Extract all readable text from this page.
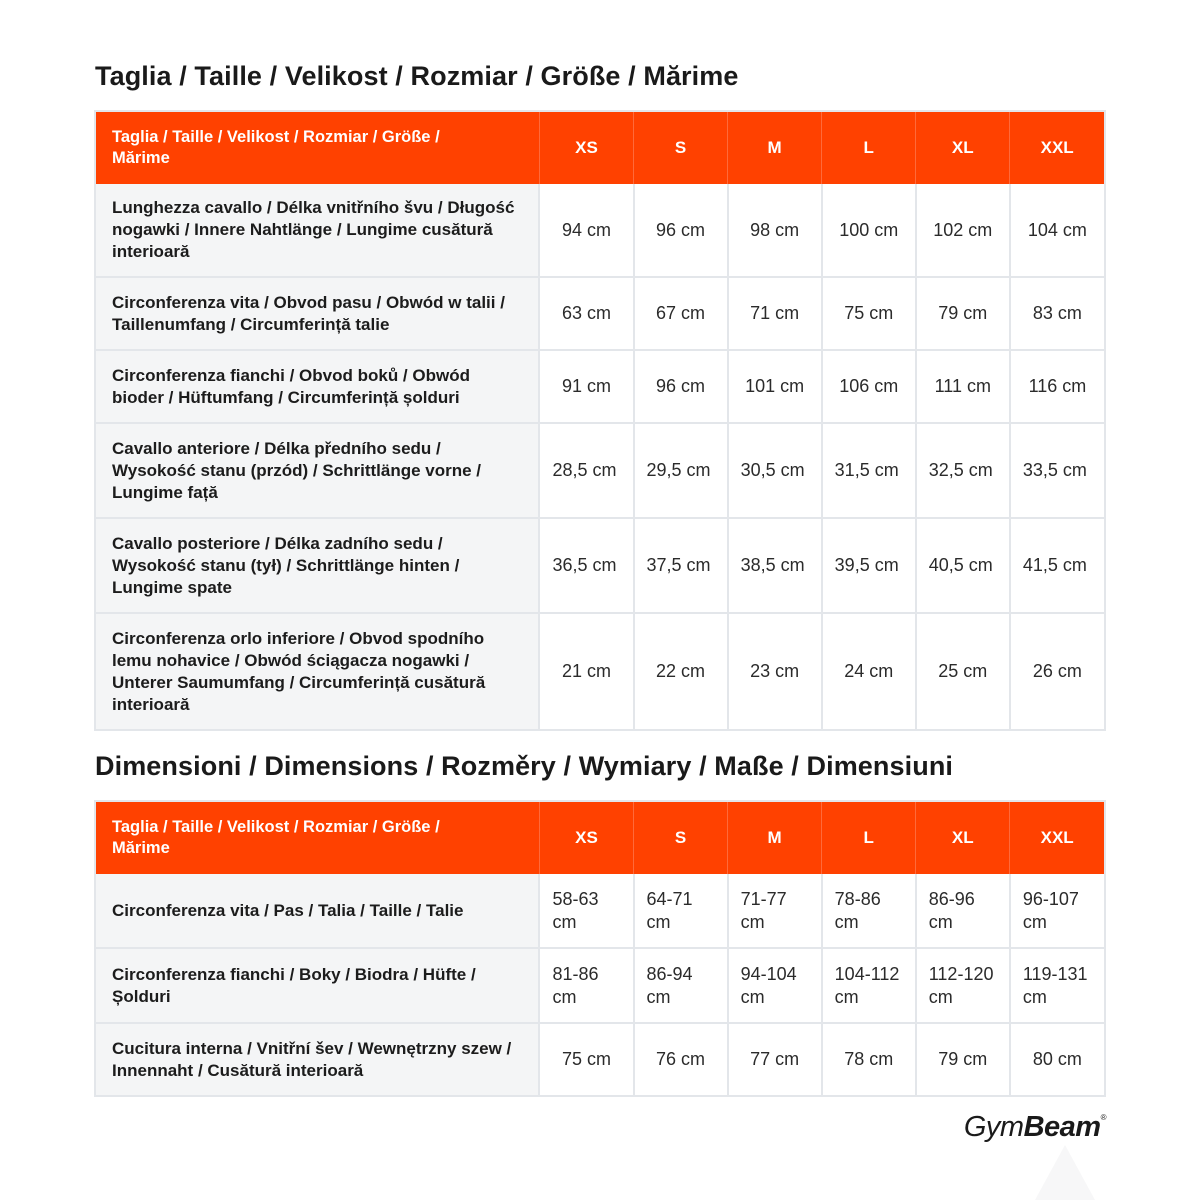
Taglia / Taille / Velikost / Rozmiar / Größe / Mărime
Taglia / Taille / Velikost / Rozmiar / Größe / Mărime	XS	S	M	L	XL	XXL
Lunghezza cavallo / Délka vnitřního švu / Długość nogawki / Innere Nahtlänge / Lungime cusătură interioară	94 cm	96 cm	98 cm	100 cm	102 cm	104 cm
Circonferenza vita / Obvod pasu / Obwód w talii / Taillenumfang / Circumferință talie	63 cm	67 cm	71 cm	75 cm	79 cm	83 cm
Circonferenza fianchi / Obvod boků / Obwód bioder / Hüftumfang / Circumferință șolduri	91 cm	96 cm	101 cm	106 cm	111 cm	116 cm
Cavallo anteriore / Délka předního sedu / Wysokość stanu (przód) / Schrittlänge vorne / Lungime față	28,5 cm	29,5 cm	30,5 cm	31,5 cm	32,5 cm	33,5 cm
Cavallo posteriore / Délka zadního sedu / Wysokość stanu (tył) / Schrittlänge hinten / Lungime spate	36,5 cm	37,5 cm	38,5 cm	39,5 cm	40,5 cm	41,5 cm
Circonferenza orlo inferiore / Obvod spodního lemu nohavice / Obwód ściągacza nogawki / Unterer Saumumfang / Circumferință cusătură interioară	21 cm	22 cm	23 cm	24 cm	25 cm	26 cm
Dimensioni / Dimensions / Rozměry / Wymiary / Maße / Dimensiuni
Taglia / Taille / Velikost / Rozmiar / Größe / Mărime	XS	S	M	L	XL	XXL
Circonferenza vita / Pas / Talia / Taille / Talie	58-63 cm	64-71 cm	71-77 cm	78-86 cm	86-96 cm	96-107 cm
Circonferenza fianchi / Boky / Biodra / Hüfte / Șolduri	81-86 cm	86-94 cm	94-104 cm	104-112 cm	112-120 cm	119-131 cm
Cucitura interna / Vnitřní šev / Wewnętrzny szew / Innennaht / Cusătură interioară	75 cm	76 cm	77 cm	78 cm	79 cm	80 cm
GymBeam®
